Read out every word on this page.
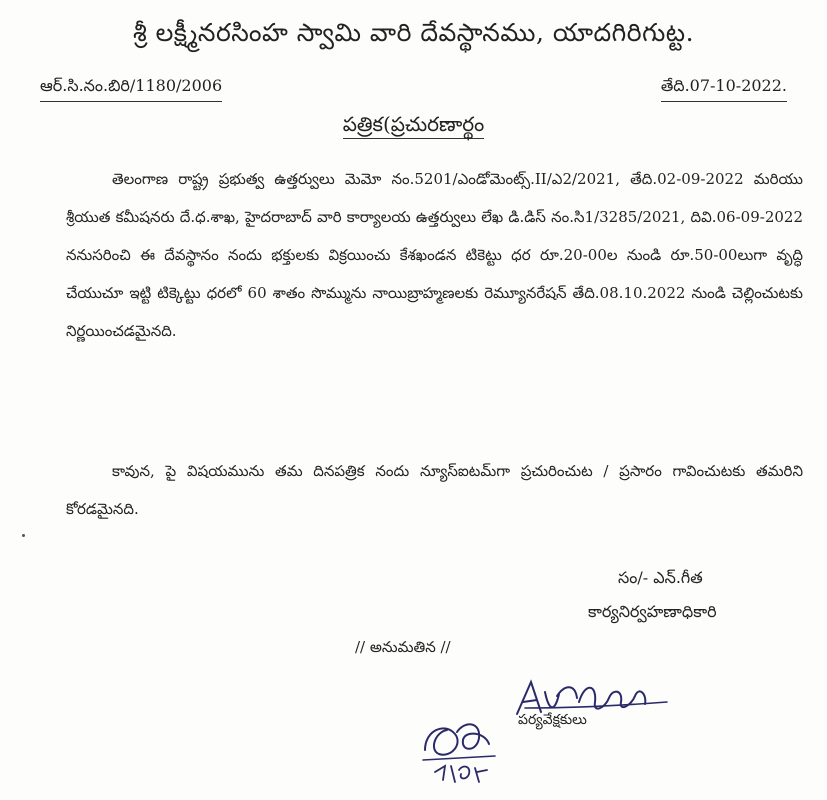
శ్రీ లక్ష్మీనరసింహ స్వామి వారి దేవస్థానము, యాదగిరిగుట్ట.
ఆర్.సి.నం.బిరి/1180/2006	తేది.07-10-2022.
పత్రిక(ప్రచురణార్థం
తెలంగాణ రాష్ట్ర ప్రభుత్వ ఉత్తర్వులు మెమో నం.5201/ఎండోమెంట్స్.II/ఎ2/2021, తేది.02-09-2022 మరియు శ్రీయుత కమీషనరు దే.ధ.శాఖ, హైదరాబాద్ వారి కార్యాలయ ఉత్తర్వులు లేఖ డి.డిస్ నం.సి1/3285/2021, దివి.06-09-2022 ననుసరించి ఈ దేవస్థానం నందు భక్తులకు విక్రయించు కేశఖండన టికెట్టు ధర రూ.20-00ల నుండి రూ.50-00లుగా వృద్ధి చేయుచూ ఇట్టి టిక్కెట్టు ధరలో 60 శాతం సొమ్మును నాయిబ్రాహ్మణలకు రెమ్యూనరేషన్ తేది.08.10.2022 నుండి చెల్లించుటకు నిర్ణయించడమైనది.
కావున, పై విషయమును తమ దినపత్రిక నందు న్యూస్‌ఐటమ్‌గా ప్రచురించుట / ప్రసారం గావించుటకు తమరిని కోరడమైనది.
సం/- ఎన్.గీత
కార్యనిర్వహణాధికారి
// అనుమతిన //
పర్యవేక్షకులు
